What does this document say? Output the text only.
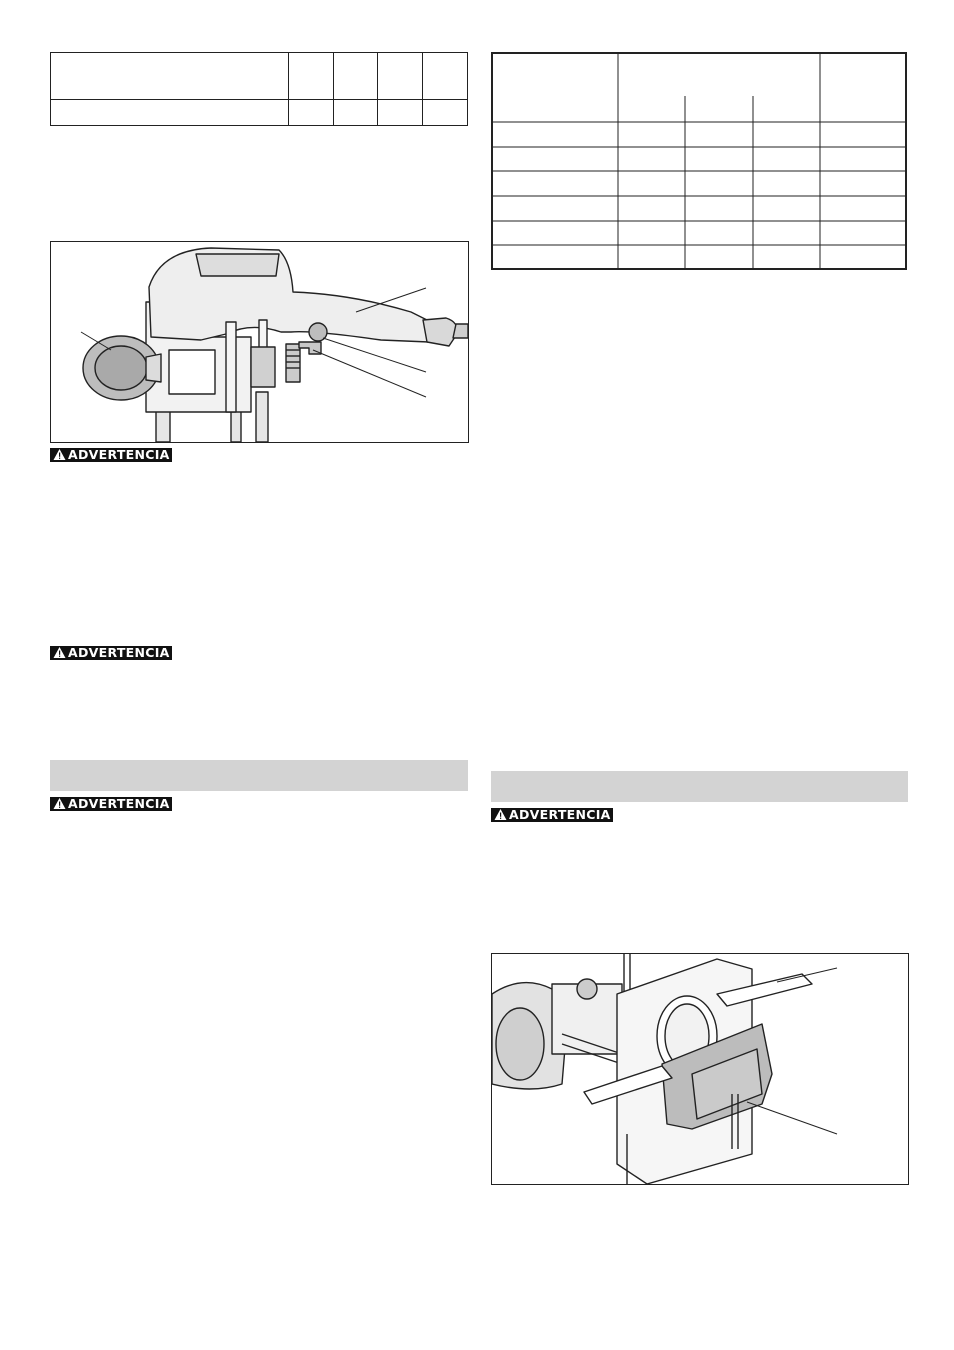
ADVERTENCIA
ADVERTENCIA
ADVERTENCIA
ADVERTENCIA
